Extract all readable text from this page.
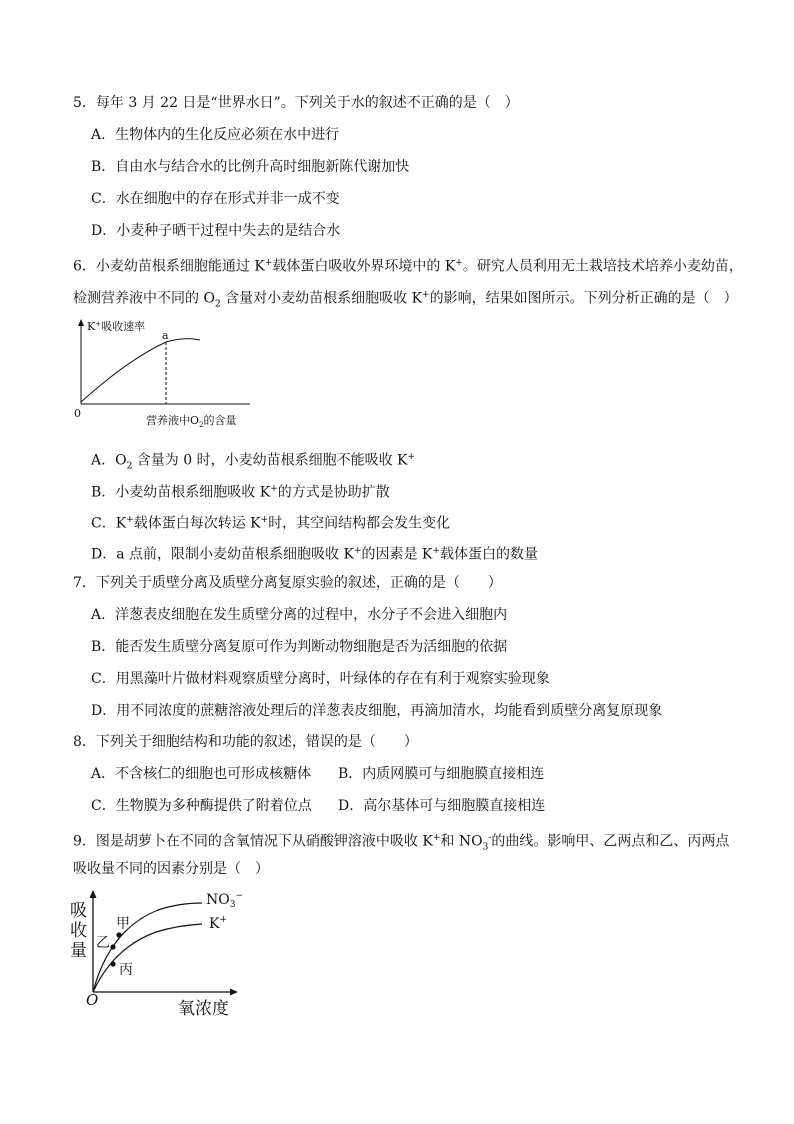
5．每年 3 月 22 日是“世界水日”。下列关于水的叙述不正确的是（　）
A．生物体内的生化反应必须在水中进行
B．自由水与结合水的比例升高时细胞新陈代谢加快
C．水在细胞中的存在形式并非一成不变
D．小麦种子晒干过程中失去的是结合水
6．小麦幼苗根系细胞能通过 K+载体蛋白吸收外界环境中的 K+。研究人员利用无土栽培技术培养小麦幼苗，
检测营养液中不同的 $O_2$ 含量对小麦幼苗根系细胞吸收 K+的影响，结果如图所示。下列分析正确的是（　）
K+吸收速率
a
0
营养液中$O_2$的含量
A．$O_2$ 含量为 0 时，小麦幼苗根系细胞不能吸收 K+
B．小麦幼苗根系细胞吸收 K+的方式是协助扩散
C．K+载体蛋白每次转运 K+时，其空间结构都会发生变化
D．a 点前，限制小麦幼苗根系细胞吸收 K+的因素是 K+载体蛋白的数量
7．下列关于质壁分离及质壁分离复原实验的叙述，正确的是（　　）
A．洋葱表皮细胞在发生质壁分离的过程中，水分子不会进入细胞内
B．能否发生质壁分离复原可作为判断动物细胞是否为活细胞的依据
C．用黑藻叶片做材料观察质壁分离时，叶绿体的存在有利于观察实验现象
D．用不同浓度的蔗糖溶液处理后的洋葱表皮细胞，再滴加清水，均能看到质壁分离复原现象
8．下列关于细胞结构和功能的叙述，错误的是（　　）
A．不含核仁的细胞也可形成核糖体 B．内质网膜可与细胞膜直接相连
C．生物膜为多种酶提供了附着位点 D．高尔基体可与细胞膜直接相连
9．图是胡萝卜在不同的含氧情况下从硝酸钾溶液中吸收 K+和 $NO_3^-$的曲线。影响甲、乙两点和乙、丙两点
吸收量不同的因素分别是（　）
吸
收
量
$NO_3^-$
K+
甲
乙
丙
O	氧浓度
